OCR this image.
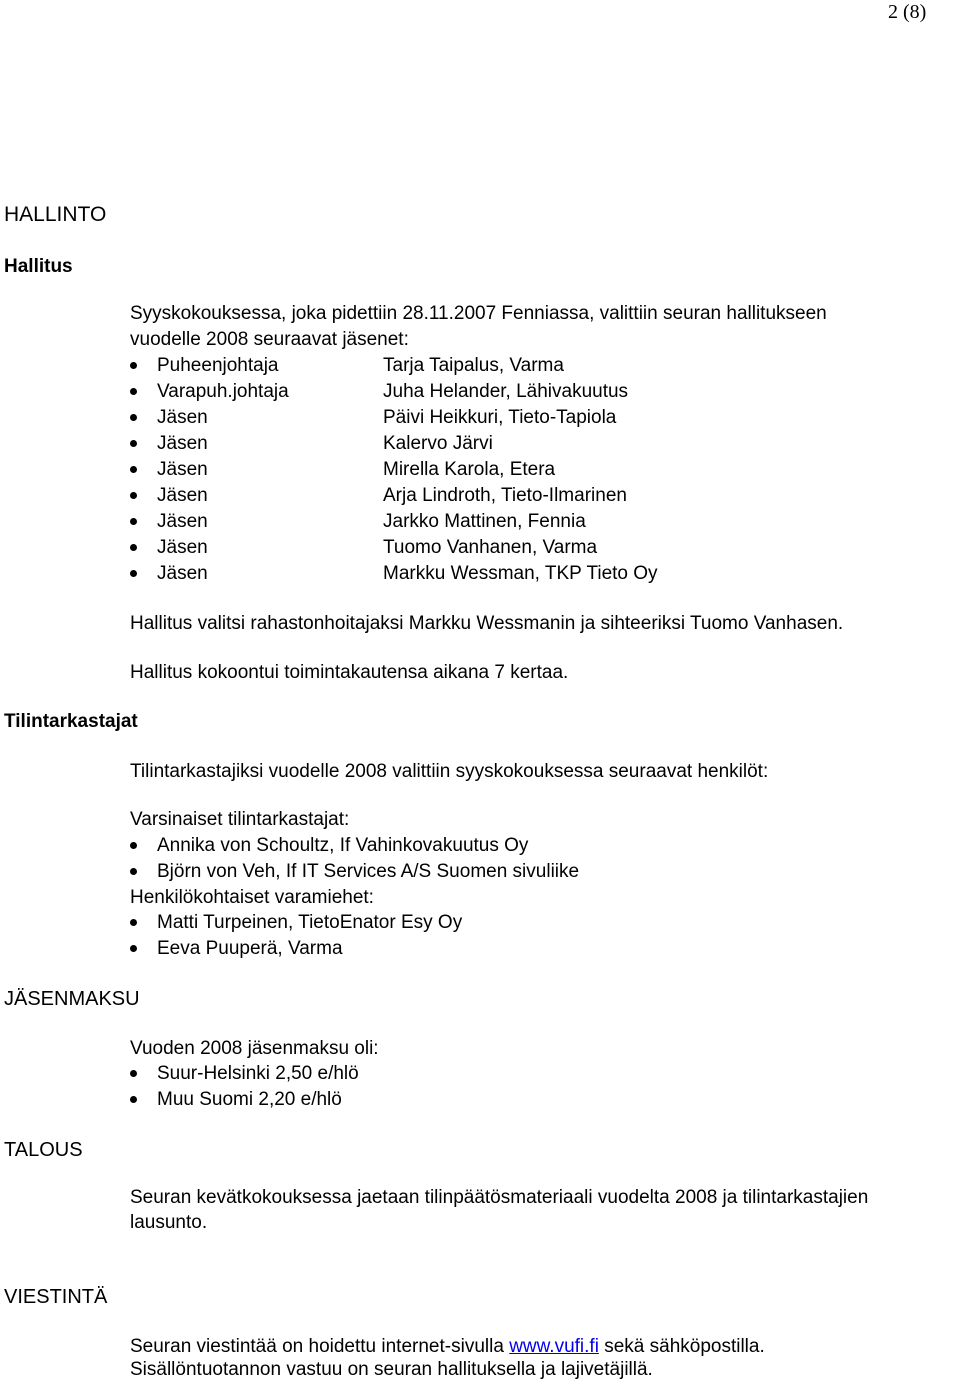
2 (8)
HALLINTO
Hallitus
Tilintarkastajat
JÄSENMAKSU
TALOUS
VIESTINTÄ
Syyskokouksessa, joka pidettiin 28.11.2007 Fenniassa, valittiin seuran hallitukseen
vuodelle 2008 seuraavat jäsenet:
Puheenjohtaja	Tarja Taipalus, Varma
Varapuh.johtaja	Juha Helander, Lähivakuutus
Jäsen	Päivi Heikkuri, Tieto-Tapiola
Jäsen	Kalervo Järvi
Jäsen	Mirella Karola, Etera
Jäsen	Arja Lindroth, Tieto-Ilmarinen
Jäsen	Jarkko Mattinen, Fennia
Jäsen	Tuomo Vanhanen, Varma
Jäsen	Markku Wessman, TKP Tieto Oy
Hallitus valitsi rahastonhoitajaksi Markku Wessmanin ja sihteeriksi Tuomo Vanhasen.
Hallitus kokoontui toimintakautensa aikana 7 kertaa.
Tilintarkastajiksi vuodelle 2008 valittiin syyskokouksessa seuraavat henkilöt:
Varsinaiset tilintarkastajat:
Annika von Schoultz, If Vahinkovakuutus Oy
Björn von Veh, If IT Services A/S Suomen sivuliike
Henkilökohtaiset varamiehet:
Matti Turpeinen, TietoEnator Esy Oy
Eeva Puuperä, Varma
Vuoden 2008 jäsenmaksu oli:
Suur-Helsinki 2,50 e/hlö
Muu Suomi 2,20 e/hlö
Seuran kevätkokouksessa jaetaan tilinpäätösmateriaali vuodelta 2008 ja tilintarkastajien
lausunto.
Seuran viestintää on hoidettu internet-sivulla www.vufi.fi sekä sähköpostilla.
Sisällöntuotannon vastuu on seuran hallituksella ja lajivetäjillä.
